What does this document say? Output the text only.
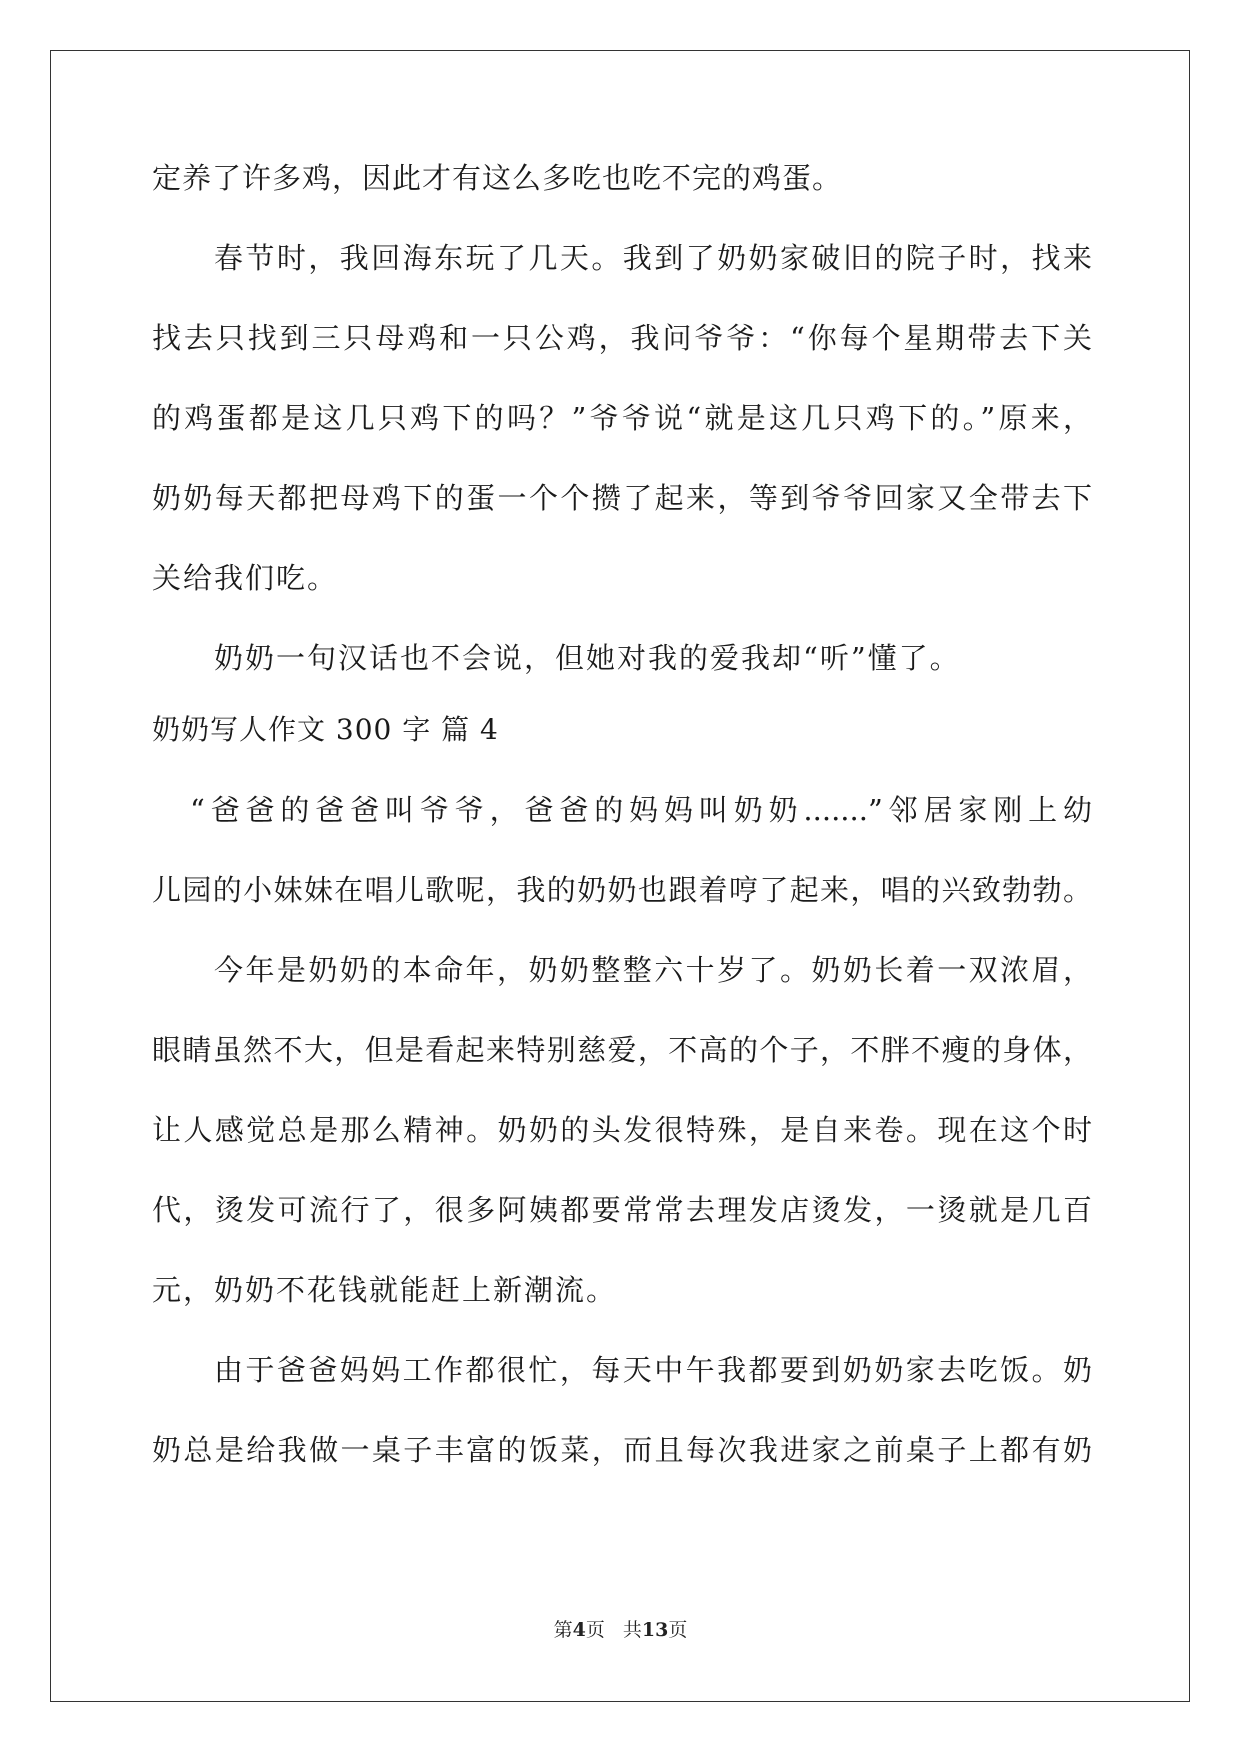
定养了许多鸡，因此才有这么多吃也吃不完的鸡蛋。
春节时，我回海东玩了几天。我到了奶奶家破旧的院子时，找来
找去只找到三只母鸡和一只公鸡，我问爷爷：“你每个星期带去下关
的鸡蛋都是这几只鸡下的吗？”爷爷说“就是这几只鸡下的。”原来，
奶奶每天都把母鸡下的蛋一个个攒了起来，等到爷爷回家又全带去下
关给我们吃。
奶奶一句汉话也不会说，但她对我的爱我却“听”懂了。
奶奶写人作文 300 字 篇 4
“爸爸的爸爸叫爷爷，爸爸的妈妈叫奶奶.......”邻居家刚上幼
儿园的小妹妹在唱儿歌呢，我的奶奶也跟着哼了起来，唱的兴致勃勃。
今年是奶奶的本命年，奶奶整整六十岁了。奶奶长着一双浓眉，
眼睛虽然不大，但是看起来特别慈爱，不高的个子，不胖不瘦的身体，
让人感觉总是那么精神。奶奶的头发很特殊，是自来卷。现在这个时
代，烫发可流行了，很多阿姨都要常常去理发店烫发，一烫就是几百
元，奶奶不花钱就能赶上新潮流。
由于爸爸妈妈工作都很忙，每天中午我都要到奶奶家去吃饭。奶
奶总是给我做一桌子丰富的饭菜，而且每次我进家之前桌子上都有奶
第4页 共13页
